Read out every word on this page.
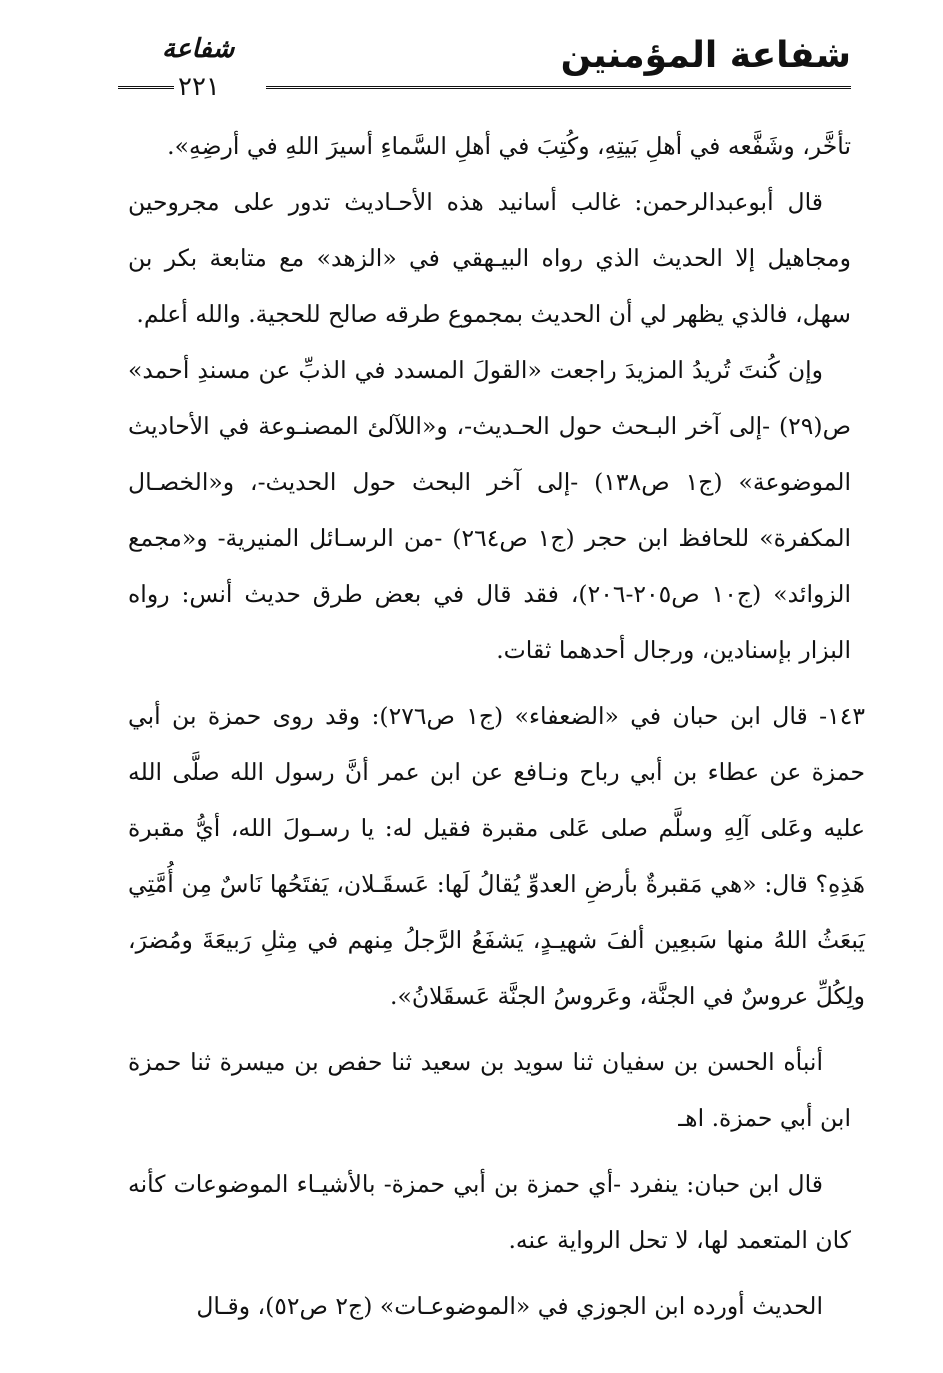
شفاعة المؤمنين
شفاعة
٢٢١

تأخَّر، وشَفَّعه في أهلِ بَيتِهِ، وكُتِبَ في أهلِ السَّماءِ أسيرَ اللهِ في أرضِهِ».

قال أبوعبدالرحمن: غالب أسانيد هذه الأحـاديث تدور على مجروحين ومجاهيل إلا الحديث الذي رواه البيـهقي في «الزهد» مع متابعة بكر بن سهل، فالذي يظهر لي أن الحديث بمجموع طرقه صالح للحجية. والله أعلم.

وإن كُنتَ تُريدُ المزيدَ راجعت «القولَ المسدد في الذبِّ عن مسندِ أحمد» ص(٢٩) -إلى آخر البـحث حول الحـديث-، و«اللآلئ المصنـوعة في الأحاديث الموضوعة» (ج١ ص١٣٨) -إلى آخر البحث حول الحديث-، و«الخصـال المكفرة» للحافظ ابن حجر (ج١ ص٢٦٤) -من الرسـائل المنيرية- و«مجمع الزوائد» (ج١٠ ص٢٠٥-٢٠٦)، فقد قال في بعض طرق حديث أنس: رواه البزار بإسنادين، ورجال أحدهما ثقات.

١٤٣- قال ابن حبان في «الضعفاء» (ج١ ص٢٧٦): وقد روى حمزة بن أبي حمزة عن عطاء بن أبي رباح ونـافع عن ابن عمر أنَّ رسول الله صلَّى الله عليه وعَلى آلِهِ وسلَّم صلى عَلى مقبرة فقيل له: يا رسـولَ الله، أيُّ مقبرة هَذِهِ؟ قال: «هي مَقبرةٌ بأرضِ العدوِّ يُقالُ لَها: عَسقَـلان، يَفتَحُها نَاسٌ مِن أُمَّتِي يَبعَثُ اللهُ منها سَبعِين ألفَ شهيـدٍ، يَشفَعُ الرَّجلُ مِنهم في مِثلِ رَبيعَةَ ومُضرَ، ولِكُلِّ عروسٌ في الجنَّة، وعَروسُ الجنَّة عَسقَلانُ».

أنبأه الحسن بن سفيان ثنا سويد بن سعيد ثنا حفص بن ميسرة ثنا حمزة ابن أبي حمزة. اهـ

قال ابن حبان: ينفرد -أي حمزة بن أبي حمزة- بالأشيـاء الموضوعات كأنه كان المتعمد لها، لا تحل الرواية عنه.

الحديث أورده ابن الجوزي في «الموضوعـات» (ج٢ ص٥٢)، وقـال
